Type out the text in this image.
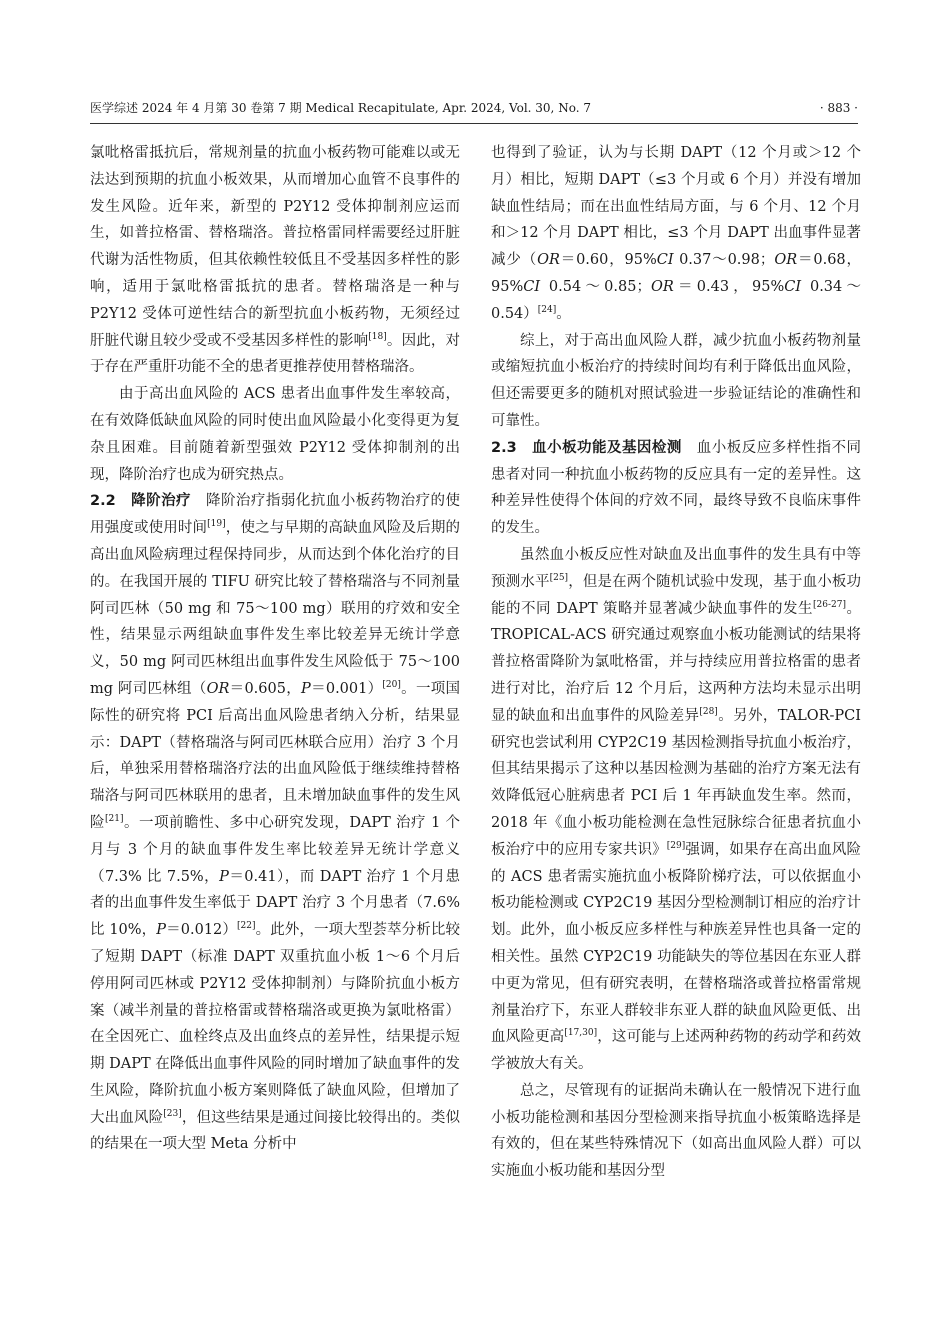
医学综述 2024 年 4 月第 30 卷第 7 期 Medical Recapitulate, Apr. 2024, Vol. 30, No. 7	· 883 ·

氯吡格雷抵抗后，常规剂量的抗血小板药物可能难以或无法达到预期的抗血小板效果，从而增加心血管不良事件的发生风险。近年来，新型的 P2Y12 受体抑制剂应运而生，如普拉格雷、替格瑞洛。普拉格雷同样需要经过肝脏代谢为活性物质，但其依赖性较低且不受基因多样性的影响，适用于氯吡格雷抵抗的患者。替格瑞洛是一种与 P2Y12 受体可逆性结合的新型抗血小板药物，无须经过肝脏代谢且较少受或不受基因多样性的影响[18]。因此，对于存在严重肝功能不全的患者更推荐使用替格瑞洛。

由于高出血风险的 ACS 患者出血事件发生率较高，在有效降低缺血风险的同时使出血风险最小化变得更为复杂且困难。目前随着新型强效 P2Y12 受体抑制剂的出现，降阶治疗也成为研究热点。

2.2　降阶治疗　降阶治疗指弱化抗血小板药物治疗的使用强度或使用时间[19]，使之与早期的高缺血风险及后期的高出血风险病理过程保持同步，从而达到个体化治疗的目的。在我国开展的 TIFU 研究比较了替格瑞洛与不同剂量阿司匹林（50 mg 和 75～100 mg）联用的疗效和安全性，结果显示两组缺血事件发生率比较差异无统计学意义，50 mg 阿司匹林组出血事件发生风险低于 75～100 mg 阿司匹林组（OR＝0.605，P＝0.001）[20]。一项国际性的研究将 PCI 后高出血风险患者纳入分析，结果显示：DAPT（替格瑞洛与阿司匹林联合应用）治疗 3 个月后，单独采用替格瑞洛疗法的出血风险低于继续维持替格瑞洛与阿司匹林联用的患者，且未增加缺血事件的发生风险[21]。一项前瞻性、多中心研究发现，DAPT 治疗 1 个月与 3 个月的缺血事件发生率比较差异无统计学意义（7.3% 比 7.5%，P＝0.41），而 DAPT 治疗 1 个月患者的出血事件发生率低于 DAPT 治疗 3 个月患者（7.6% 比 10%，P＝0.012）[22]。此外，一项大型荟萃分析比较了短期 DAPT（标准 DAPT 双重抗血小板 1～6 个月后停用阿司匹林或 P2Y12 受体抑制剂）与降阶抗血小板方案（减半剂量的普拉格雷或替格瑞洛或更换为氯吡格雷）在全因死亡、血栓终点及出血终点的差异性，结果提示短期 DAPT 在降低出血事件风险的同时增加了缺血事件的发生风险，降阶抗血小板方案则降低了缺血风险，但增加了大出血风险[23]，但这些结果是通过间接比较得出的。类似的结果在一项大型 Meta 分析中

也得到了验证，认为与长期 DAPT（12 个月或＞12 个月）相比，短期 DAPT（≤3 个月或 6 个月）并没有增加缺血性结局；而在出血性结局方面，与 6 个月、12 个月和＞12 个月 DAPT 相比，≤3 个月 DAPT 出血事件显著减少（OR＝0.60，95%CI 0.37～0.98；OR＝0.68，95%CI 0.54～0.85；OR＝0.43，95%CI 0.34～0.54）[24]。

综上，对于高出血风险人群，减少抗血小板药物剂量或缩短抗血小板治疗的持续时间均有利于降低出血风险，但还需要更多的随机对照试验进一步验证结论的准确性和可靠性。

2.3　血小板功能及基因检测　血小板反应多样性指不同患者对同一种抗血小板药物的反应具有一定的差异性。这种差异性使得个体间的疗效不同，最终导致不良临床事件的发生。

虽然血小板反应性对缺血及出血事件的发生具有中等预测水平[25]，但是在两个随机试验中发现，基于血小板功能的不同 DAPT 策略并显著减少缺血事件的发生[26-27]。TROPICAL-ACS 研究通过观察血小板功能测试的结果将普拉格雷降阶为氯吡格雷，并与持续应用普拉格雷的患者进行对比，治疗后 12 个月后，这两种方法均未显示出明显的缺血和出血事件的风险差异[28]。另外，TALOR-PCI 研究也尝试利用 CYP2C19 基因检测指导抗血小板治疗，但其结果揭示了这种以基因检测为基础的治疗方案无法有效降低冠心脏病患者 PCI 后 1 年再缺血发生率。然而，2018 年《血小板功能检测在急性冠脉综合征患者抗血小板治疗中的应用专家共识》[29]强调，如果存在高出血风险的 ACS 患者需实施抗血小板降阶梯疗法，可以依据血小板功能检测或 CYP2C19 基因分型检测制订相应的治疗计划。此外，血小板反应多样性与种族差异性也具备一定的相关性。虽然 CYP2C19 功能缺失的等位基因在东亚人群中更为常见，但有研究表明，在替格瑞洛或普拉格雷常规剂量治疗下，东亚人群较非东亚人群的缺血风险更低、出血风险更高[17,30]，这可能与上述两种药物的药动学和药效学被放大有关。

总之，尽管现有的证据尚未确认在一般情况下进行血小板功能检测和基因分型检测来指导抗血小板策略选择是有效的，但在某些特殊情况下（如高出血风险人群）可以实施血小板功能和基因分型
